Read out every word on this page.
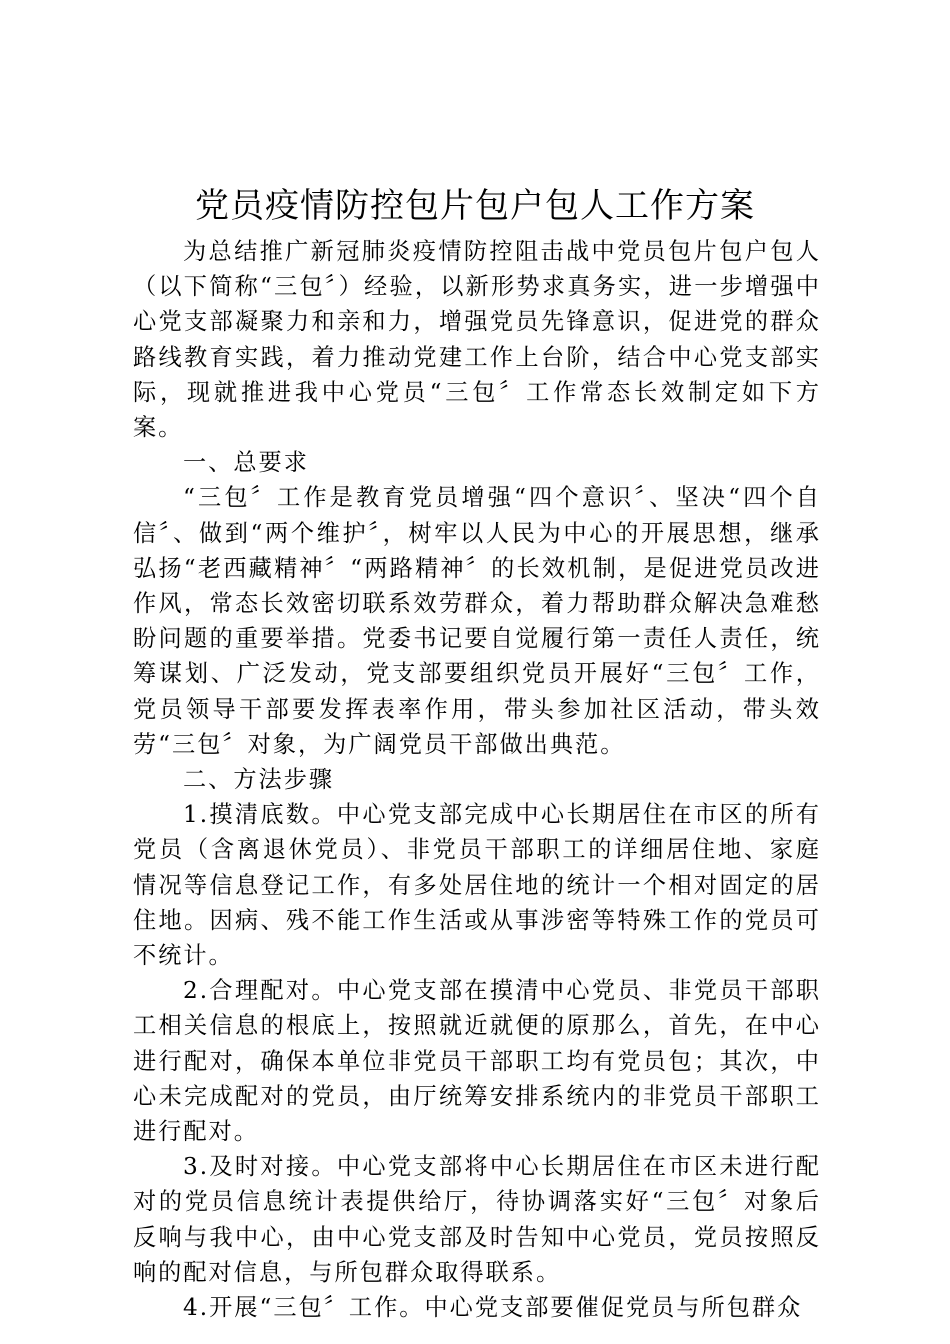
党员疫情防控包片包户包人工作方案

为总结推广新冠肺炎疫情防控阻击战中党员包片包户包人（以下简称“三包〞）经验，以新形势求真务实，进一步增强中心党支部凝聚力和亲和力，增强党员先锋意识，促进党的群众路线教育实践，着力推动党建工作上台阶，结合中心党支部实际，现就推进我中心党员“三包〞工作常态长效制定如下方案。

一、总要求

“三包〞工作是教育党员增强“四个意识〞、坚决“四个自信〞、做到“两个维护〞，树牢以人民为中心的开展思想，继承弘扬“老西藏精神〞“两路精神〞的长效机制，是促进党员改进作风，常态长效密切联系效劳群众，着力帮助群众解决急难愁盼问题的重要举措。党委书记要自觉履行第一责任人责任，统筹谋划、广泛发动，党支部要组织党员开展好“三包〞工作，党员领导干部要发挥表率作用，带头参加社区活动，带头效劳“三包〞对象，为广阔党员干部做出典范。

二、方法步骤

1.摸清底数。中心党支部完成中心长期居住在市区的所有党员（含离退休党员）、非党员干部职工的详细居住地、家庭情况等信息登记工作，有多处居住地的统计一个相对固定的居住地。因病、残不能工作生活或从事涉密等特殊工作的党员可不统计。

2.合理配对。中心党支部在摸清中心党员、非党员干部职工相关信息的根底上，按照就近就便的原那么，首先，在中心进行配对，确保本单位非党员干部职工均有党员包；其次，中心未完成配对的党员，由厅统筹安排系统内的非党员干部职工进行配对。

3.及时对接。中心党支部将中心长期居住在市区未进行配对的党员信息统计表提供给厅，待协调落实好“三包〞对象后反响与我中心，由中心党支部及时告知中心党员，党员按照反响的配对信息，与所包群众取得联系。

4.开展“三包〞工作。中心党支部要催促党员与所包群众
